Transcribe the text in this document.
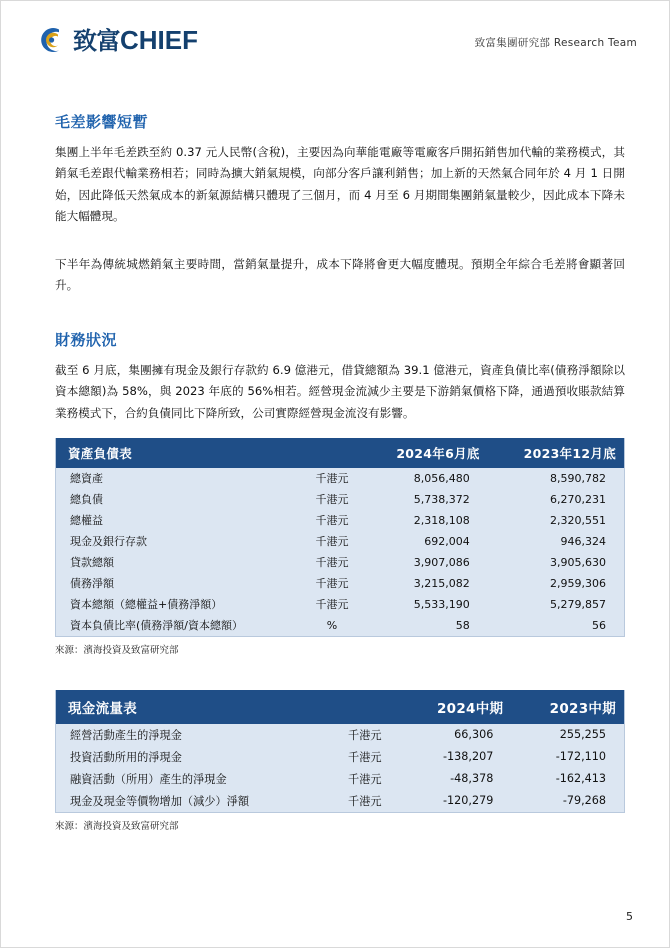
致富CHIEF	致富集團研究部 Research Team
毛差影響短暫

集團上半年毛差跌至約 0.37 元人民幣(含稅)，主要因為向華能電廠等電廠客戶開拓銷售加代輸的業務模式，其銷氣毛差跟代輸業務相若；同時為擴大銷氣規模，向部分客戶讓利銷售；加上新的天然氣合同年於 4 月 1 日開始，因此降低天然氣成本的新氣源結構只體現了三個月，而 4 月至 6 月期間集團銷氣量較少，因此成本下降未能大幅體現。

下半年為傳統城燃銷氣主要時間，當銷氣量提升，成本下降將會更大幅度體現。預期全年綜合毛差將會顯著回升。

財務狀況

截至 6 月底，集團擁有現金及銀行存款約 6.9 億港元，借貸總額為 39.1 億港元，資產負債比率(債務淨額除以資本總額)為 58%，與 2023 年底的 56%相若。經營現金流減少主要是下游銷氣價格下降，通過預收賬款結算業務模式下，合約負債同比下降所致，公司實際經營現金流沒有影響。

資產負債表		2024年6月底	2023年12月底
總資產	千港元	8,056,480	8,590,782
總負債	千港元	5,738,372	6,270,231
總權益	千港元	2,318,108	2,320,551
現金及銀行存款	千港元	692,004	946,324
貸款總額	千港元	3,907,086	3,905,630
債務淨額	千港元	3,215,082	2,959,306
資本總額（總權益+債務淨額）	千港元	5,533,190	5,279,857
資本負債比率(債務淨額/資本總額）	%	58	56
來源：濱海投資及致富研究部
現金流量表		2024中期	2023中期
經營活動產生的淨現金	千港元	66,306	255,255
投資活動所用的淨現金	千港元	-138,207	-172,110
融資活動（所用）產生的淨現金	千港元	-48,378	-162,413
現金及現金等價物增加（減少）淨額	千港元	-120,279	-79,268
來源：濱海投資及致富研究部
5
